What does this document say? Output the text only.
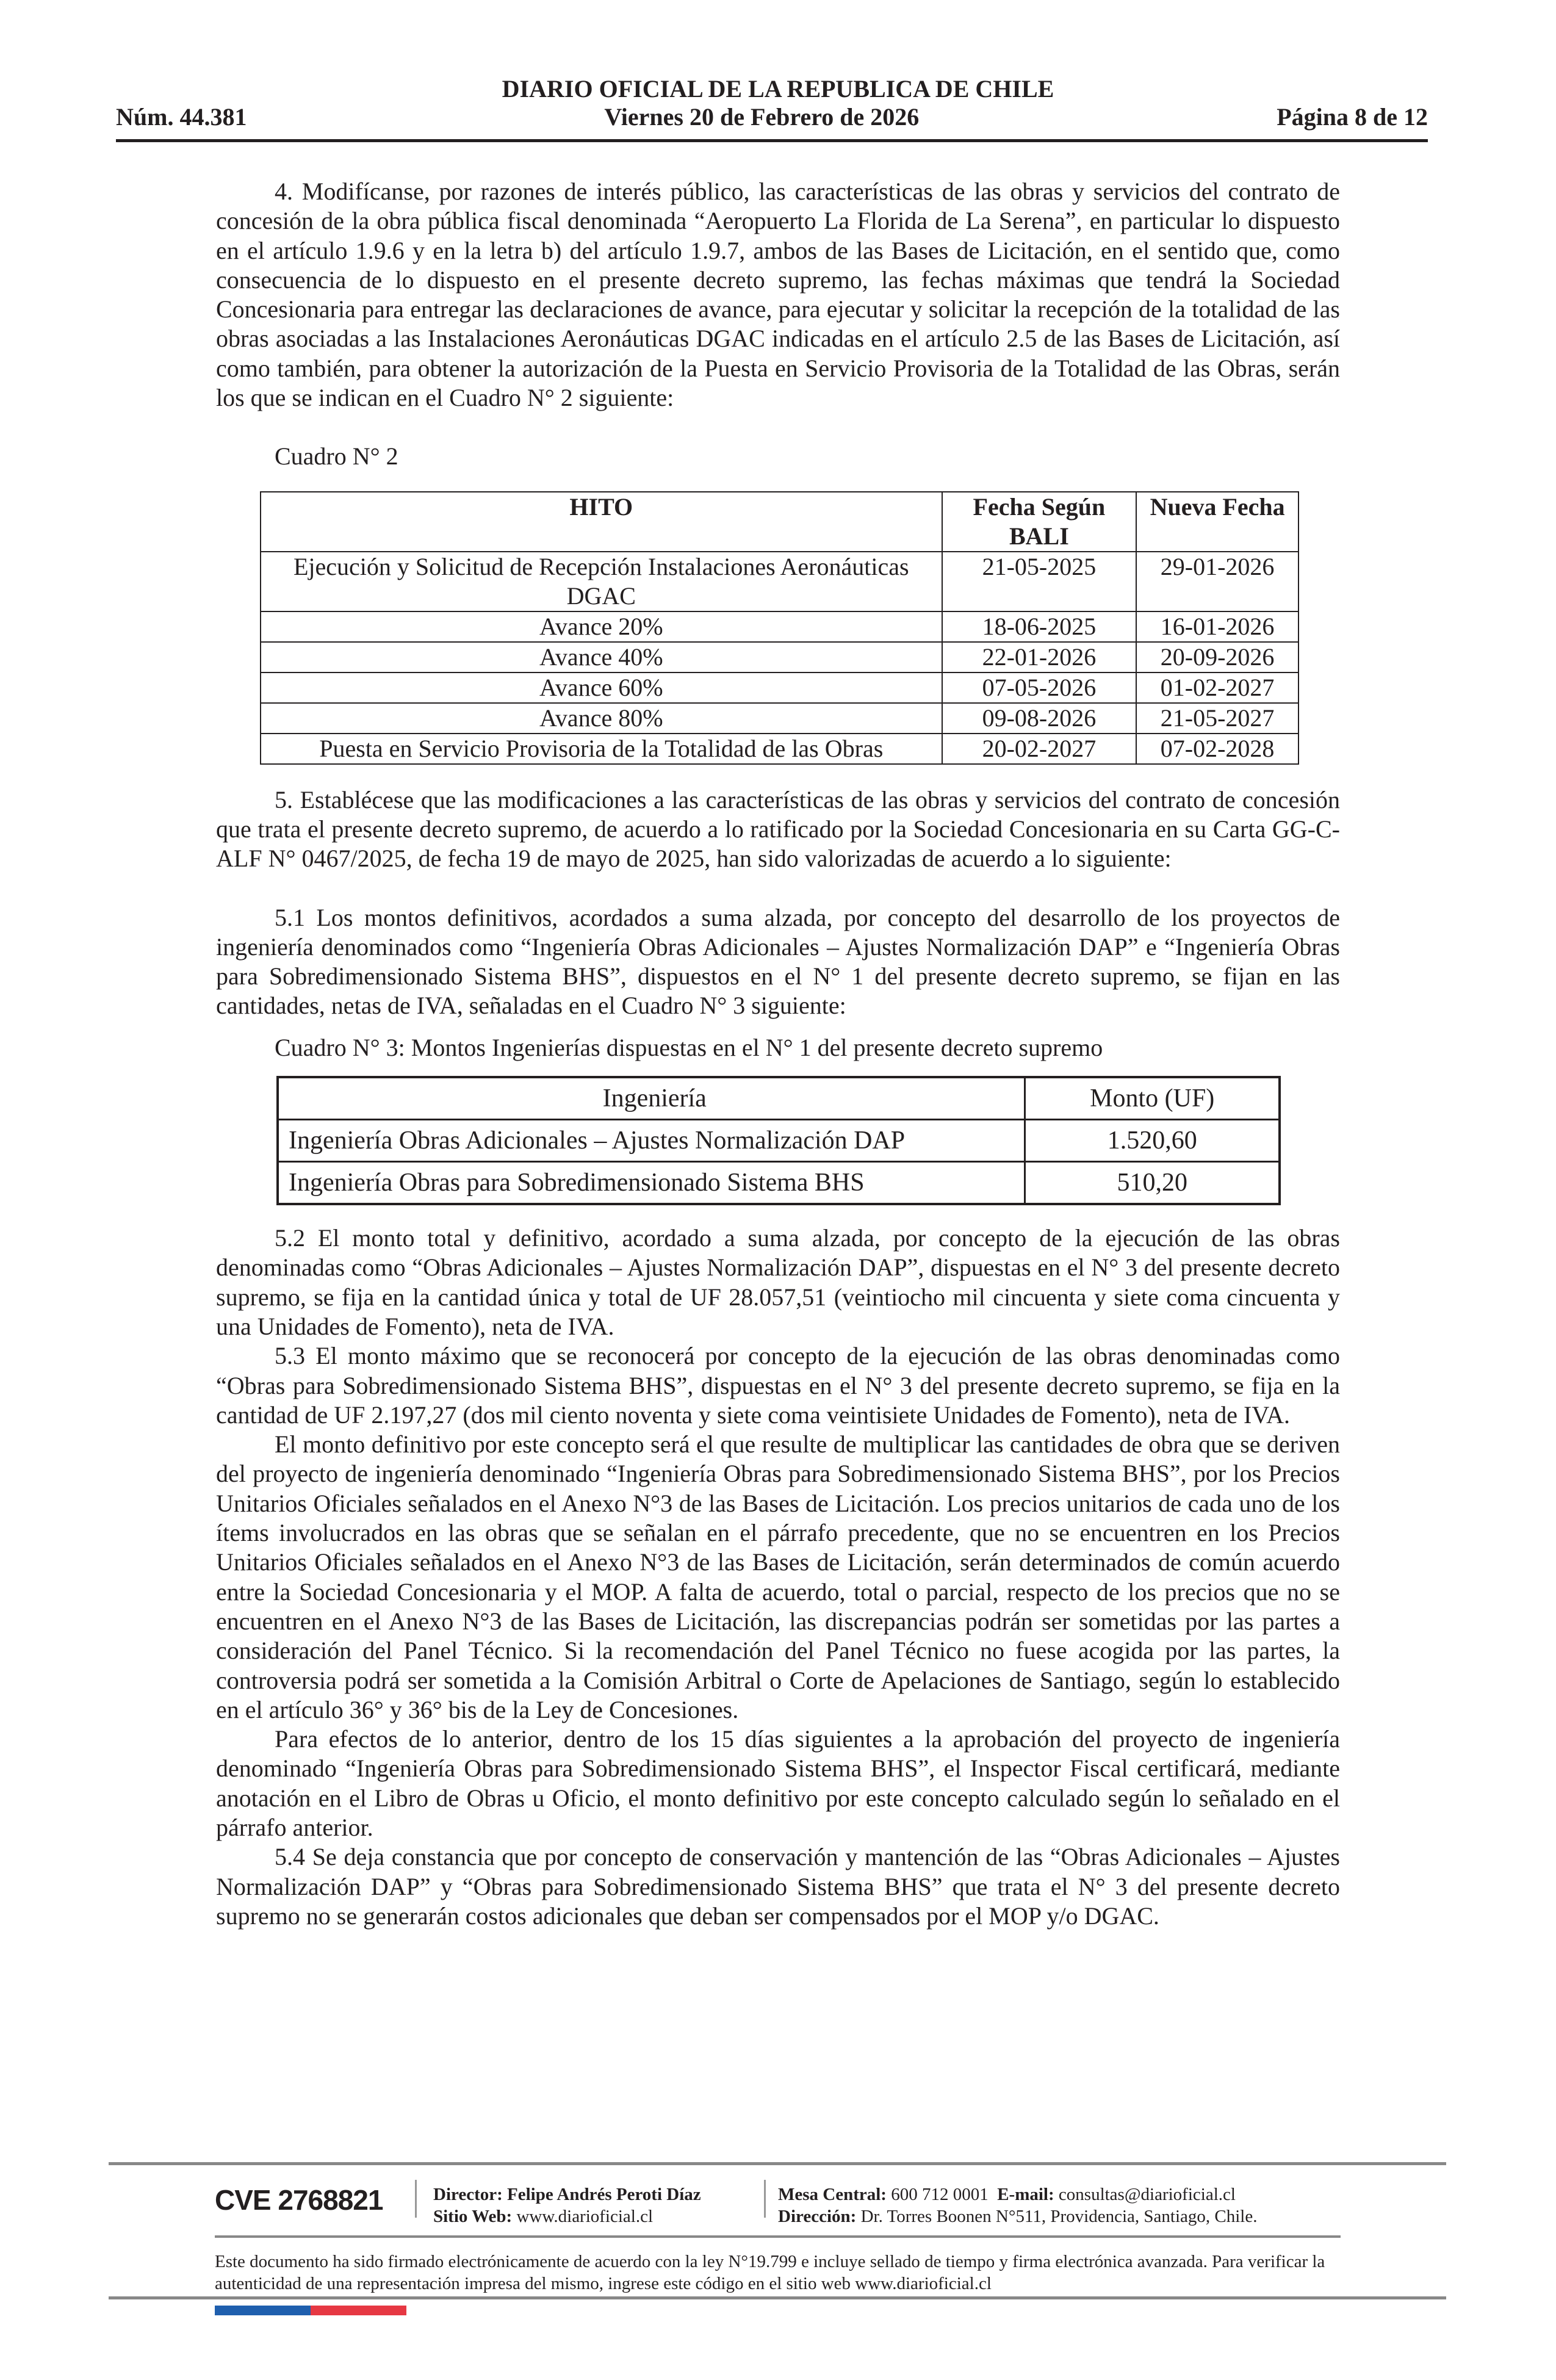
DIARIO OFICIAL DE LA REPUBLICA DE CHILE
Núm. 44.381	Viernes 20 de Febrero de 2026	Página 8 de 12

4. Modifícanse, por razones de interés público, las características de las obras y servicios del contrato de concesión de la obra pública fiscal denominada “Aeropuerto La Florida de La Serena”, en particular lo dispuesto en el artículo 1.9.6 y en la letra b) del artículo 1.9.7, ambos de las Bases de Licitación, en el sentido que, como consecuencia de lo dispuesto en el presente decreto supremo, las fechas máximas que tendrá la Sociedad Concesionaria para entregar las declaraciones de avance, para ejecutar y solicitar la recepción de la totalidad de las obras asociadas a las Instalaciones Aeronáuticas DGAC indicadas en el artículo 2.5 de las Bases de Licitación, así como también, para obtener la autorización de la Puesta en Servicio Provisoria de la Totalidad de las Obras, serán los que se indican en el Cuadro N° 2 siguiente:

Cuadro N° 2

HITO	Fecha Según BALI	Nueva Fecha
Ejecución y Solicitud de Recepción Instalaciones Aeronáuticas DGAC	21-05-2025	29-01-2026
Avance 20%	18-06-2025	16-01-2026
Avance 40%	22-01-2026	20-09-2026
Avance 60%	07-05-2026	01-02-2027
Avance 80%	09-08-2026	21-05-2027
Puesta en Servicio Provisoria de la Totalidad de las Obras	20-02-2027	07-02-2028

5. Establécese que las modificaciones a las características de las obras y servicios del contrato de concesión que trata el presente decreto supremo, de acuerdo a lo ratificado por la Sociedad Concesionaria en su Carta GG-C-ALF N° 0467/2025, de fecha 19 de mayo de 2025, han sido valorizadas de acuerdo a lo siguiente:

5.1 Los montos definitivos, acordados a suma alzada, por concepto del desarrollo de los proyectos de ingeniería denominados como “Ingeniería Obras Adicionales – Ajustes Normalización DAP” e “Ingeniería Obras para Sobredimensionado Sistema BHS”, dispuestos en el N° 1 del presente decreto supremo, se fijan en las cantidades, netas de IVA, señaladas en el Cuadro N° 3 siguiente:

Cuadro N° 3: Montos Ingenierías dispuestas en el N° 1 del presente decreto supremo

Ingeniería	Monto (UF)
Ingeniería Obras Adicionales – Ajustes Normalización DAP	1.520,60
Ingeniería Obras para Sobredimensionado Sistema BHS	510,20

5.2 El monto total y definitivo, acordado a suma alzada, por concepto de la ejecución de las obras denominadas como “Obras Adicionales – Ajustes Normalización DAP”, dispuestas en el N° 3 del presente decreto supremo, se fija en la cantidad única y total de UF 28.057,51 (veintiocho mil cincuenta y siete coma cincuenta y una Unidades de Fomento), neta de IVA.

5.3 El monto máximo que se reconocerá por concepto de la ejecución de las obras denominadas como “Obras para Sobredimensionado Sistema BHS”, dispuestas en el N° 3 del presente decreto supremo, se fija en la cantidad de UF 2.197,27 (dos mil ciento noventa y siete coma veintisiete Unidades de Fomento), neta de IVA.

El monto definitivo por este concepto será el que resulte de multiplicar las cantidades de obra que se deriven del proyecto de ingeniería denominado “Ingeniería Obras para Sobredimensionado Sistema BHS”, por los Precios Unitarios Oficiales señalados en el Anexo N°3 de las Bases de Licitación. Los precios unitarios de cada uno de los ítems involucrados en las obras que se señalan en el párrafo precedente, que no se encuentren en los Precios Unitarios Oficiales señalados en el Anexo N°3 de las Bases de Licitación, serán determinados de común acuerdo entre la Sociedad Concesionaria y el MOP. A falta de acuerdo, total o parcial, respecto de los precios que no se encuentren en el Anexo N°3 de las Bases de Licitación, las discrepancias podrán ser sometidas por las partes a consideración del Panel Técnico. Si la recomendación del Panel Técnico no fuese acogida por las partes, la controversia podrá ser sometida a la Comisión Arbitral o Corte de Apelaciones de Santiago, según lo establecido en el artículo 36° y 36° bis de la Ley de Concesiones.

Para efectos de lo anterior, dentro de los 15 días siguientes a la aprobación del proyecto de ingeniería denominado “Ingeniería Obras para Sobredimensionado Sistema BHS”, el Inspector Fiscal certificará, mediante anotación en el Libro de Obras u Oficio, el monto definitivo por este concepto calculado según lo señalado en el párrafo anterior.

5.4 Se deja constancia que por concepto de conservación y mantención de las “Obras Adicionales – Ajustes Normalización DAP” y “Obras para Sobredimensionado Sistema BHS” que trata el N° 3 del presente decreto supremo no se generarán costos adicionales que deban ser compensados por el MOP y/o DGAC.

CVE 2768821	Director: Felipe Andrés Peroti Díaz
Sitio Web: www.diarioficial.cl
Mesa Central: 600 712 0001 E-mail: consultas@diarioficial.cl
Dirección: Dr. Torres Boonen N°511, Providencia, Santiago, Chile.
Este documento ha sido firmado electrónicamente de acuerdo con la ley N°19.799 e incluye sellado de tiempo y firma electrónica avanzada. Para verificar la autenticidad de una representación impresa del mismo, ingrese este código en el sitio web www.diarioficial.cl
